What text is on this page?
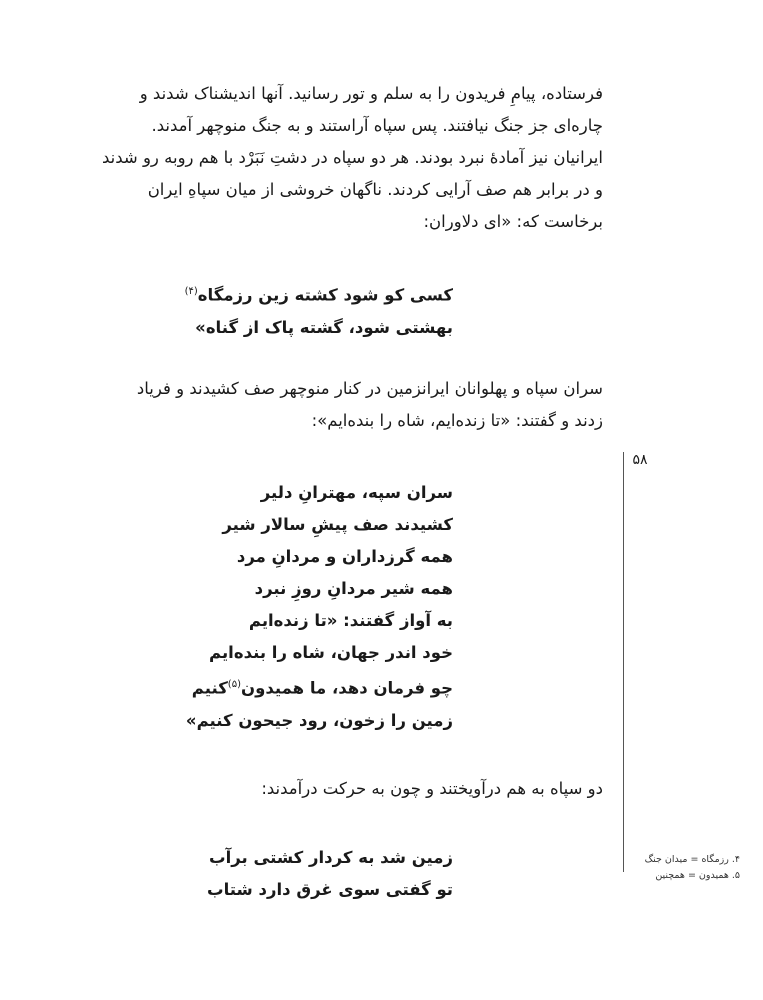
فرستاده، پیامِ فریدون را به سلم و تور رسانید. آنها اندیشناک شدند و
چاره‌ای جز جنگ نیافتند. پس سپاه آراستند و به جنگ منوچهر آمدند.
ایرانیان نیز آمادهٔ نبرد بودند. هر دو سپاه در دشتِ نَبَرْد با هم روبه رو شدند
و در برابر هم صف آرایی کردند. ناگهان خروشی از میان سپاهِ ایران
برخاست که: «ای دلاوران:
کسی کو شود کشته زین رزمگاه$^{(۴)}$
بهشتی شود، گشته پاک از گناه»
سران سپاه و پهلوانان ایرانزمین در کنار منوچهر صف کشیدند و فریاد
زدند و گفتند: «تا زنده‌ایم، شاه را بنده‌ایم»:
۵۸
سران سپه، مهترانِ دلیر
کشیدند صف پیشِ سالار شیر
همه گرزداران و مردانِ مرد
همه شیر مردانِ روزِ نبرد
به آواز گفتند: «تا زنده‌ایم
خود اندر جهان، شاه را بنده‌ایم
چو فرمان دهد، ما همیدون$^{(۵)}$کنیم
زمین را زخون، رود جیحون کنیم»
دو سپاه به هم درآویختند و چون به حرکت درآمدند:
زمین شد به کردار کشتی برآب
تو گفتی سوی غرق دارد شتاب
۴. رزمگاه = میدان جنگ
۵. همیدون = همچنین
